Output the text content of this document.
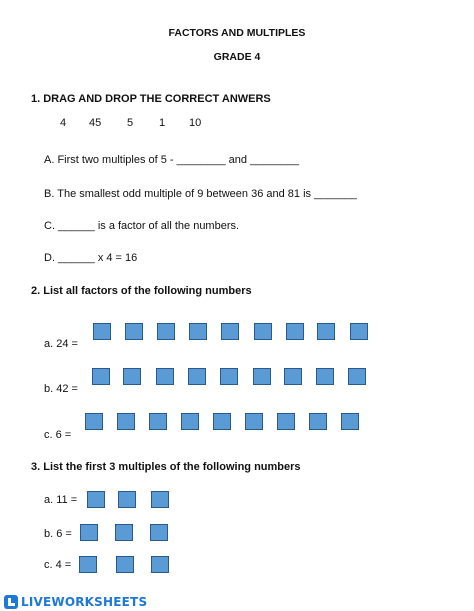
FACTORS AND MULTIPLES
GRADE 4
1. DRAG AND DROP THE CORRECT ANWERS
4 45 5 1 10
A. First two multiples of 5 - ________ and ________
B. The smallest odd multiple of 9 between 36 and 81 is _______
C. ______ is a factor of all the numbers.
D. ______ x 4 = 16
2. List all factors of the following numbers
a. 24 =
b. 42 =
c. 6 =
3. List the first 3 multiples of the following numbers
a. 11 =
b. 6 =
c. 4 =
LIVEWORKSHEETS
